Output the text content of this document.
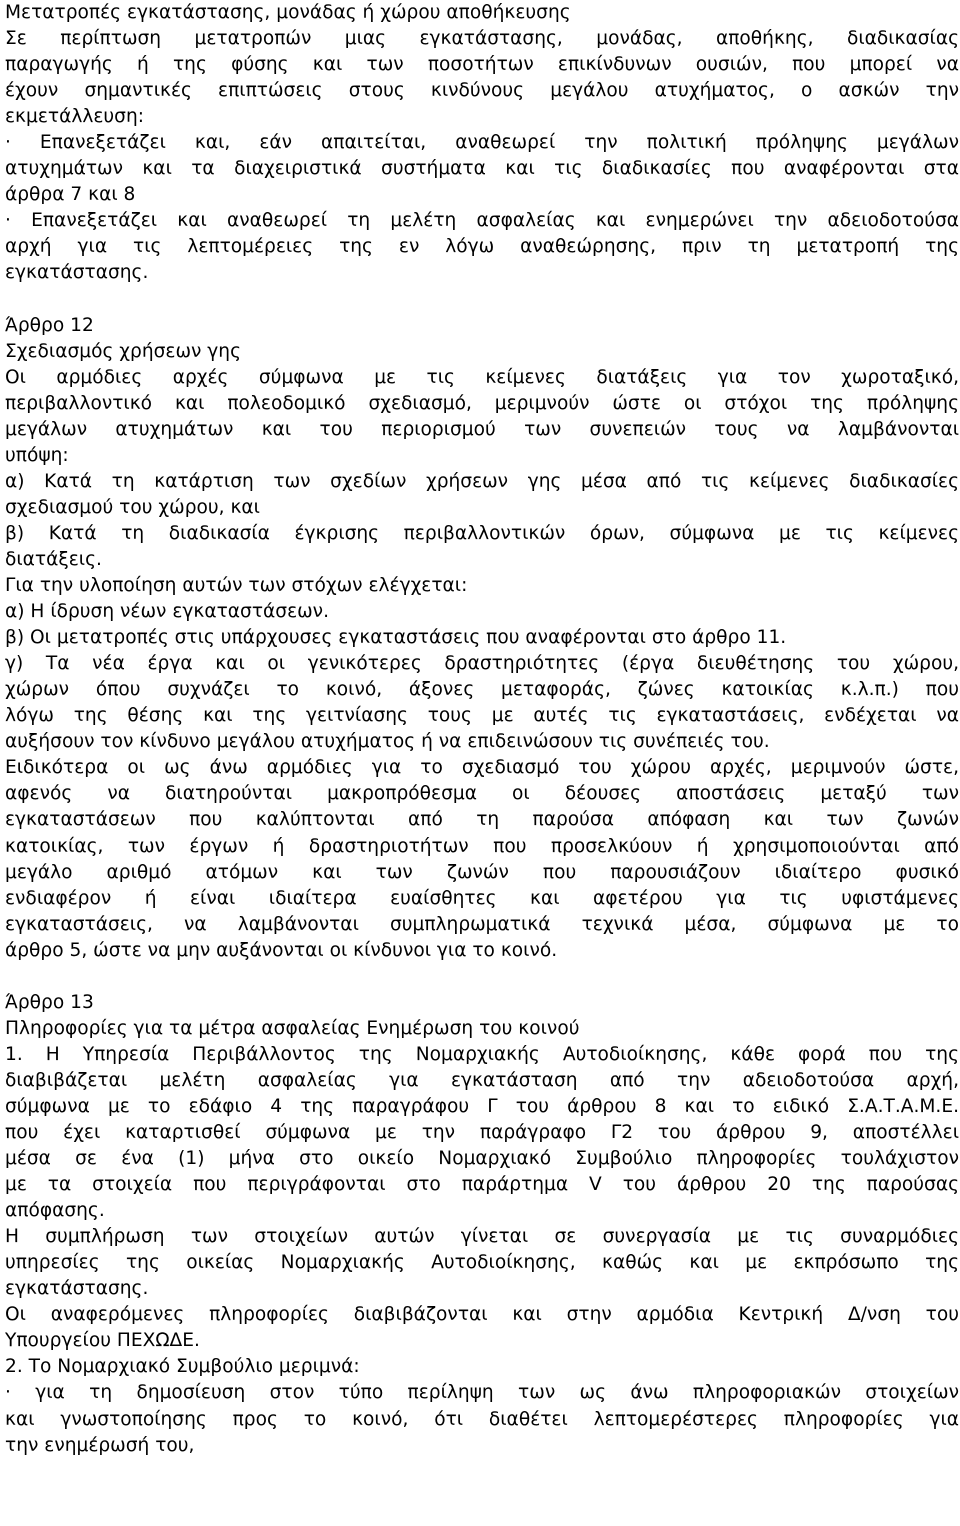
Μετατροπές εγκατάστασης, μονάδας ή χώρου αποθήκευσης
Σε περίπτωση μετατροπών μιας εγκατάστασης, μονάδας, αποθήκης, διαδικασίας
παραγωγής ή της φύσης και των ποσοτήτων επικίνδυνων ουσιών, που μπορεί να
έχουν σημαντικές επιπτώσεις στους κινδύνους μεγάλου ατυχήματος, ο ασκών την
εκμετάλλευση:
· Επανεξετάζει και, εάν απαιτείται, αναθεωρεί την πολιτική πρόληψης μεγάλων
ατυχημάτων και τα διαχειριστικά συστήματα και τις διαδικασίες που αναφέρονται στα
άρθρα 7 και 8
· Επανεξετάζει και αναθεωρεί τη μελέτη ασφαλείας και ενημερώνει την αδειοδοτούσα
αρχή για τις λεπτομέρειες της εν λόγω αναθεώρησης, πριν τη μετατροπή της
εγκατάστασης.
Άρθρο 12
Σχεδιασμός χρήσεων γης
Οι αρμόδιες αρχές σύμφωνα με τις κείμενες διατάξεις για τον χωροταξικό,
περιβαλλοντικό και πολεοδομικό σχεδιασμό, μεριμνούν ώστε οι στόχοι της πρόληψης
μεγάλων ατυχημάτων και του περιορισμού των συνεπειών τους να λαμβάνονται
υπόψη:
α) Κατά τη κατάρτιση των σχεδίων χρήσεων γης μέσα από τις κείμενες διαδικασίες
σχεδιασμού του χώρου, και
β) Κατά τη διαδικασία έγκρισης περιβαλλοντικών όρων, σύμφωνα με τις κείμενες
διατάξεις.
Για την υλοποίηση αυτών των στόχων ελέγχεται:
α) Η ίδρυση νέων εγκαταστάσεων.
β) Οι μετατροπές στις υπάρχουσες εγκαταστάσεις που αναφέρονται στο άρθρο 11.
γ) Τα νέα έργα και οι γενικότερες δραστηριότητες (έργα διευθέτησης του χώρου,
χώρων όπου συχνάζει το κοινό, άξονες μεταφοράς, ζώνες κατοικίας κ.λ.π.) που
λόγω της θέσης και της γειτνίασης τους με αυτές τις εγκαταστάσεις, ενδέχεται να
αυξήσουν τον κίνδυνο μεγάλου ατυχήματος ή να επιδεινώσουν τις συνέπειές του.
Ειδικότερα οι ως άνω αρμόδιες για το σχεδιασμό του χώρου αρχές, μεριμνούν ώστε,
αφενός να διατηρούνται μακροπρόθεσμα οι δέουσες αποστάσεις μεταξύ των
εγκαταστάσεων που καλύπτονται από τη παρούσα απόφαση και των ζωνών
κατοικίας, των έργων ή δραστηριοτήτων που προσελκύουν ή χρησιμοποιούνται από
μεγάλο αριθμό ατόμων και των ζωνών που παρουσιάζουν ιδιαίτερο φυσικό
ενδιαφέρον ή είναι ιδιαίτερα ευαίσθητες και αφετέρου για τις υφιστάμενες
εγκαταστάσεις, να λαμβάνονται συμπληρωματικά τεχνικά μέσα, σύμφωνα με το
άρθρο 5, ώστε να μην αυξάνονται οι κίνδυνοι για το κοινό.
Άρθρο 13
Πληροφορίες για τα μέτρα ασφαλείας Ενημέρωση του κοινού
1. Η Υπηρεσία Περιβάλλοντος της Νομαρχιακής Αυτοδιοίκησης, κάθε φορά που της
διαβιβάζεται μελέτη ασφαλείας για εγκατάσταση από την αδειοδοτούσα αρχή,
σύμφωνα με το εδάφιο 4 της παραγράφου Γ του άρθρου 8 και το ειδικό Σ.Α.Τ.Α.Μ.Ε.
που έχει καταρτισθεί σύμφωνα με την παράγραφο Γ2 του άρθρου 9, αποστέλλει
μέσα σε ένα (1) μήνα στο οικείο Νομαρχιακό Συμβούλιο πληροφορίες τουλάχιστον
με τα στοιχεία που περιγράφονται στο παράρτημα V του άρθρου 20 της παρούσας
απόφασης.
Η συμπλήρωση των στοιχείων αυτών γίνεται σε συνεργασία με τις συναρμόδιες
υπηρεσίες της οικείας Νομαρχιακής Αυτοδιοίκησης, καθώς και με εκπρόσωπο της
εγκατάστασης.
Οι αναφερόμενες πληροφορίες διαβιβάζονται και στην αρμόδια Κεντρική Δ/νση του
Υπουργείου ΠΕΧΩΔΕ.
2. Το Νομαρχιακό Συμβούλιο μεριμνά:
· για τη δημοσίευση στον τύπο περίληψη των ως άνω πληροφοριακών στοιχείων
και γνωστοποίησης προς το κοινό, ότι διαθέτει λεπτομερέστερες πληροφορίες για
την ενημέρωσή του,
